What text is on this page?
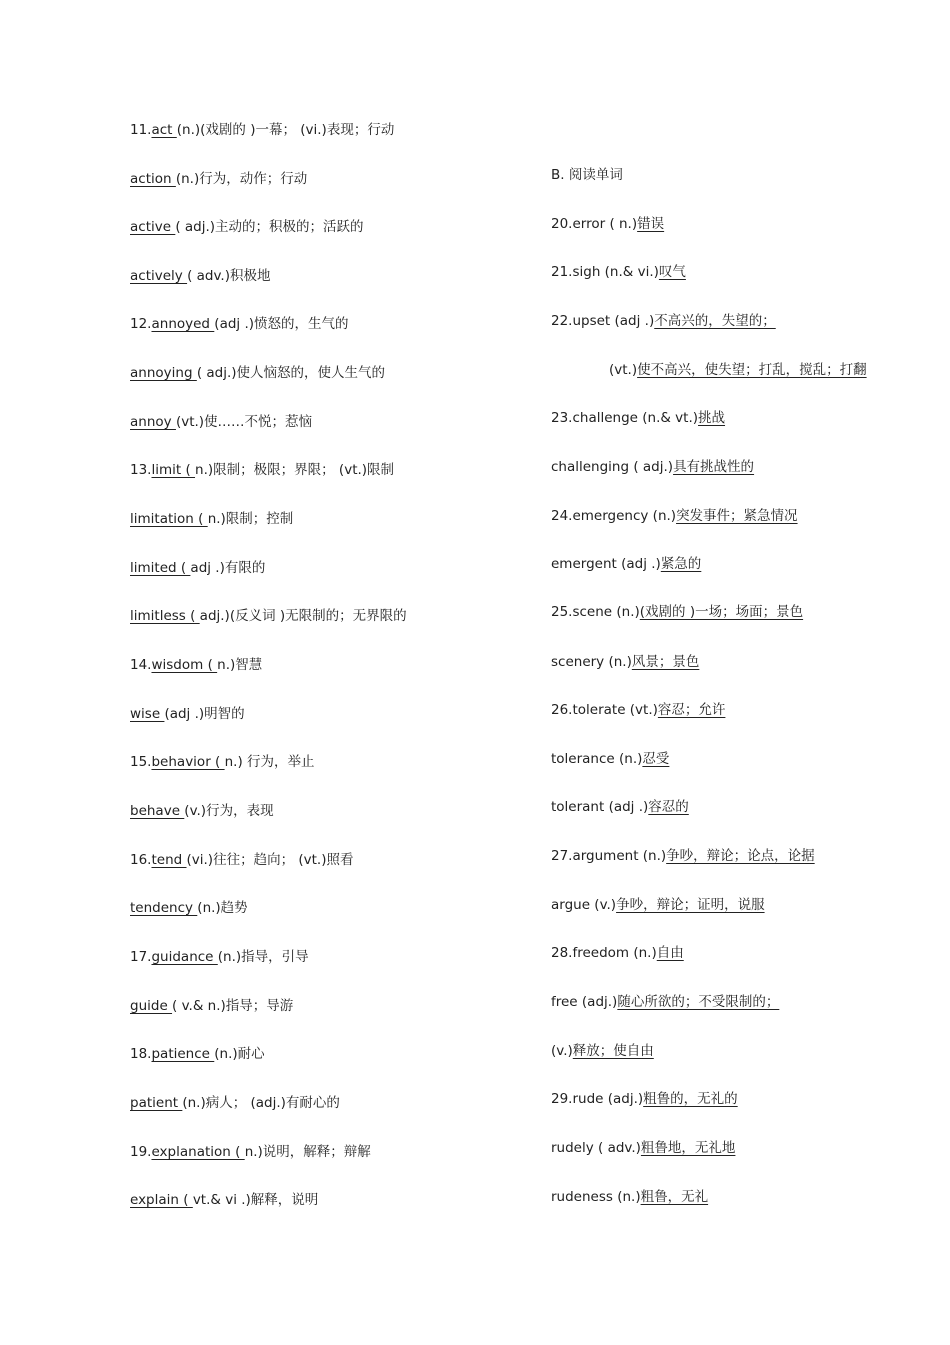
11.act (n.)(戏剧的 )一幕； (vi.)表现；行动
action (n.)行为，动作；行动
active ( adj.)主动的；积极的；活跃的
actively ( adv.)积极地
12.annoyed (adj .)愤怒的，生气的
annoying ( adj.)使人恼怒的，使人生气的
annoy (vt.)使……不悦；惹恼
13.limit ( n.)限制；极限；界限； (vt.)限制
limitation ( n.)限制；控制
limited ( adj .)有限的
limitless ( adj.)(反义词 )无限制的；无界限的
14.wisdom ( n.)智慧
wise (adj .)明智的
15.behavior ( n.) 行为，举止
behave (v.)行为，表现
16.tend (vi.)往往；趋向； (vt.)照看
tendency (n.)趋势
17.guidance (n.)指导，引导
guide ( v.& n.)指导；导游
18.patience (n.)耐心
patient (n.)病人； (adj.)有耐心的
19.explanation ( n.)说明，解释；辩解
explain ( vt.& vi .)解释，说明
B. 阅读单词
20.error ( n.)错误
21.sigh (n.& vi.)叹气
22.upset (adj .)不高兴的，失望的；
(vt.)使不高兴，使失望；打乱，搅乱；打翻
23.challenge (n.& vt.)挑战
challenging ( adj.)具有挑战性的
24.emergency (n.)突发事件；紧急情况
emergent (adj .)紧急的
25.scene (n.)(戏剧的 )一场；场面；景色
scenery (n.)风景；景色
26.tolerate (vt.)容忍；允许
tolerance (n.)忍受
tolerant (adj .)容忍的
27.argument (n.)争吵，辩论；论点，论据
argue (v.)争吵，辩论；证明，说服
28.freedom (n.)自由
free (adj.)随心所欲的；不受限制的；
(v.)释放；使自由
29.rude (adj.)粗鲁的，无礼的
rudely ( adv.)粗鲁地，无礼地
rudeness (n.)粗鲁，无礼
